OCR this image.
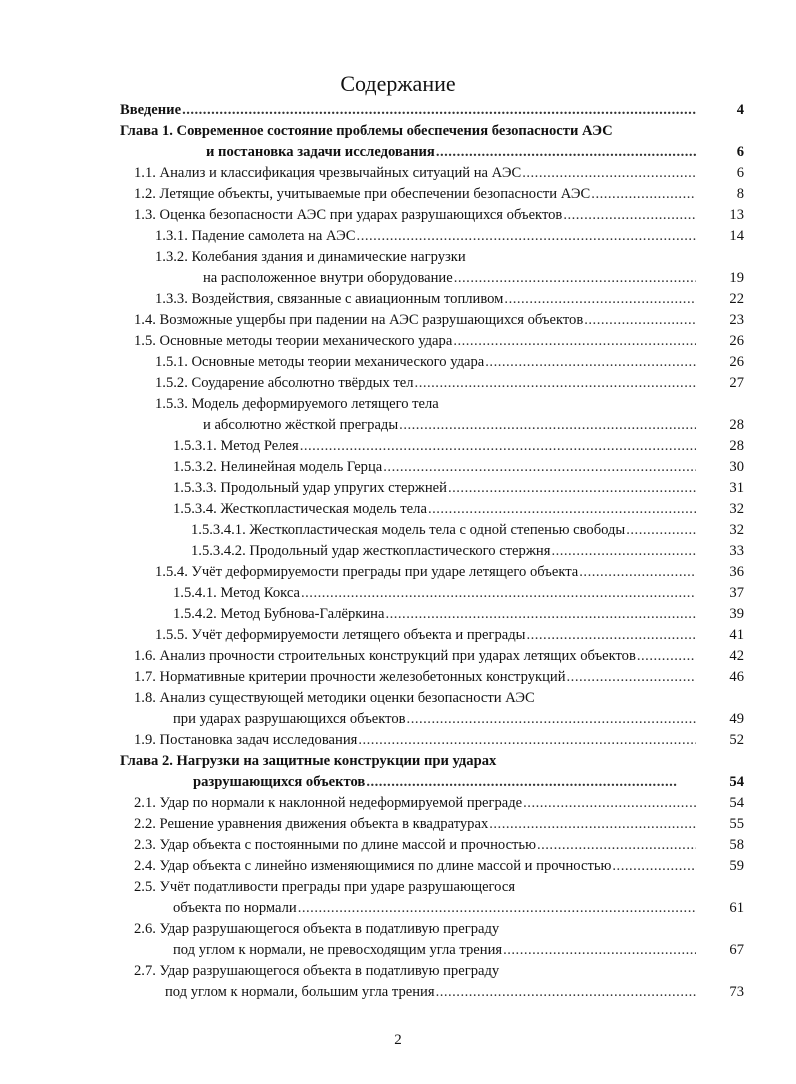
Содержание
Введение .....	4
Глава 1. Современное состояние проблемы обеспечения безопасности АЭС
и постановка задачи исследования .....	6
1.1. Анализ и классификация чрезвычайных ситуаций на АЭС .....	6
1.2. Летящие объекты, учитываемые при обеспечении безопасности АЭС .....	8
1.3. Оценка безопасности АЭС при ударах разрушающихся объектов .....	13
1.3.1. Падение самолета на АЭС .....	14
1.3.2. Колебания здания и динамические нагрузки
на расположенное внутри оборудование .....	19
1.3.3. Воздействия, связанные с авиационным топливом .....	22
1.4. Возможные ущербы при падении на АЭС разрушающихся объектов .....	23
1.5. Основные методы теории механического удара .....	26
1.5.1. Основные методы теории механического удара .....	26
1.5.2. Соударение абсолютно твёрдых тел .....	27
1.5.3. Модель деформируемого летящего тела
и абсолютно жёсткой преграды .....	28
1.5.3.1. Метод Релея .....	28
1.5.3.2. Нелинейная модель Герца .....	30
1.5.3.3. Продольный удар упругих стержней .....	31
1.5.3.4. Жесткопластическая модель тела .....	32
1.5.3.4.1. Жесткопластическая модель тела с одной степенью свободы .....	32
1.5.3.4.2. Продольный удар жесткопластического стержня .....	33
1.5.4. Учёт деформируемости преграды при ударе летящего объекта .....	36
1.5.4.1. Метод Кокса .....	37
1.5.4.2. Метод Бубнова-Галёркина .....	39
1.5.5. Учёт деформируемости летящего объекта и преграды .....	41
1.6. Анализ прочности строительных конструкций при ударах летящих объектов .....	42
1.7. Нормативные критерии прочности железобетонных конструкций .....	46
1.8. Анализ существующей методики оценки безопасности АЭС
при ударах разрушающихся объектов .....	49
1.9. Постановка задач исследования .....	52
Глава 2. Нагрузки на защитные конструкции при ударах
разрушающихся объектов .....	54
2.1. Удар по нормали к наклонной недеформируемой преграде .....	54
2.2. Решение уравнения движения объекта в квадратурах .....	55
2.3. Удар объекта с постоянными по длине массой и прочностью .....	58
2.4. Удар объекта с линейно изменяющимися по длине массой и прочностью .....	59
2.5. Учёт податливости преграды при ударе разрушающегося
объекта по нормали .....	61
2.6. Удар разрушающегося объекта в податливую преграду
под углом к нормали, не превосходящим угла трения .....	67
2.7. Удар разрушающегося объекта в податливую преграду
под углом к нормали, большим угла трения .....	73
2
